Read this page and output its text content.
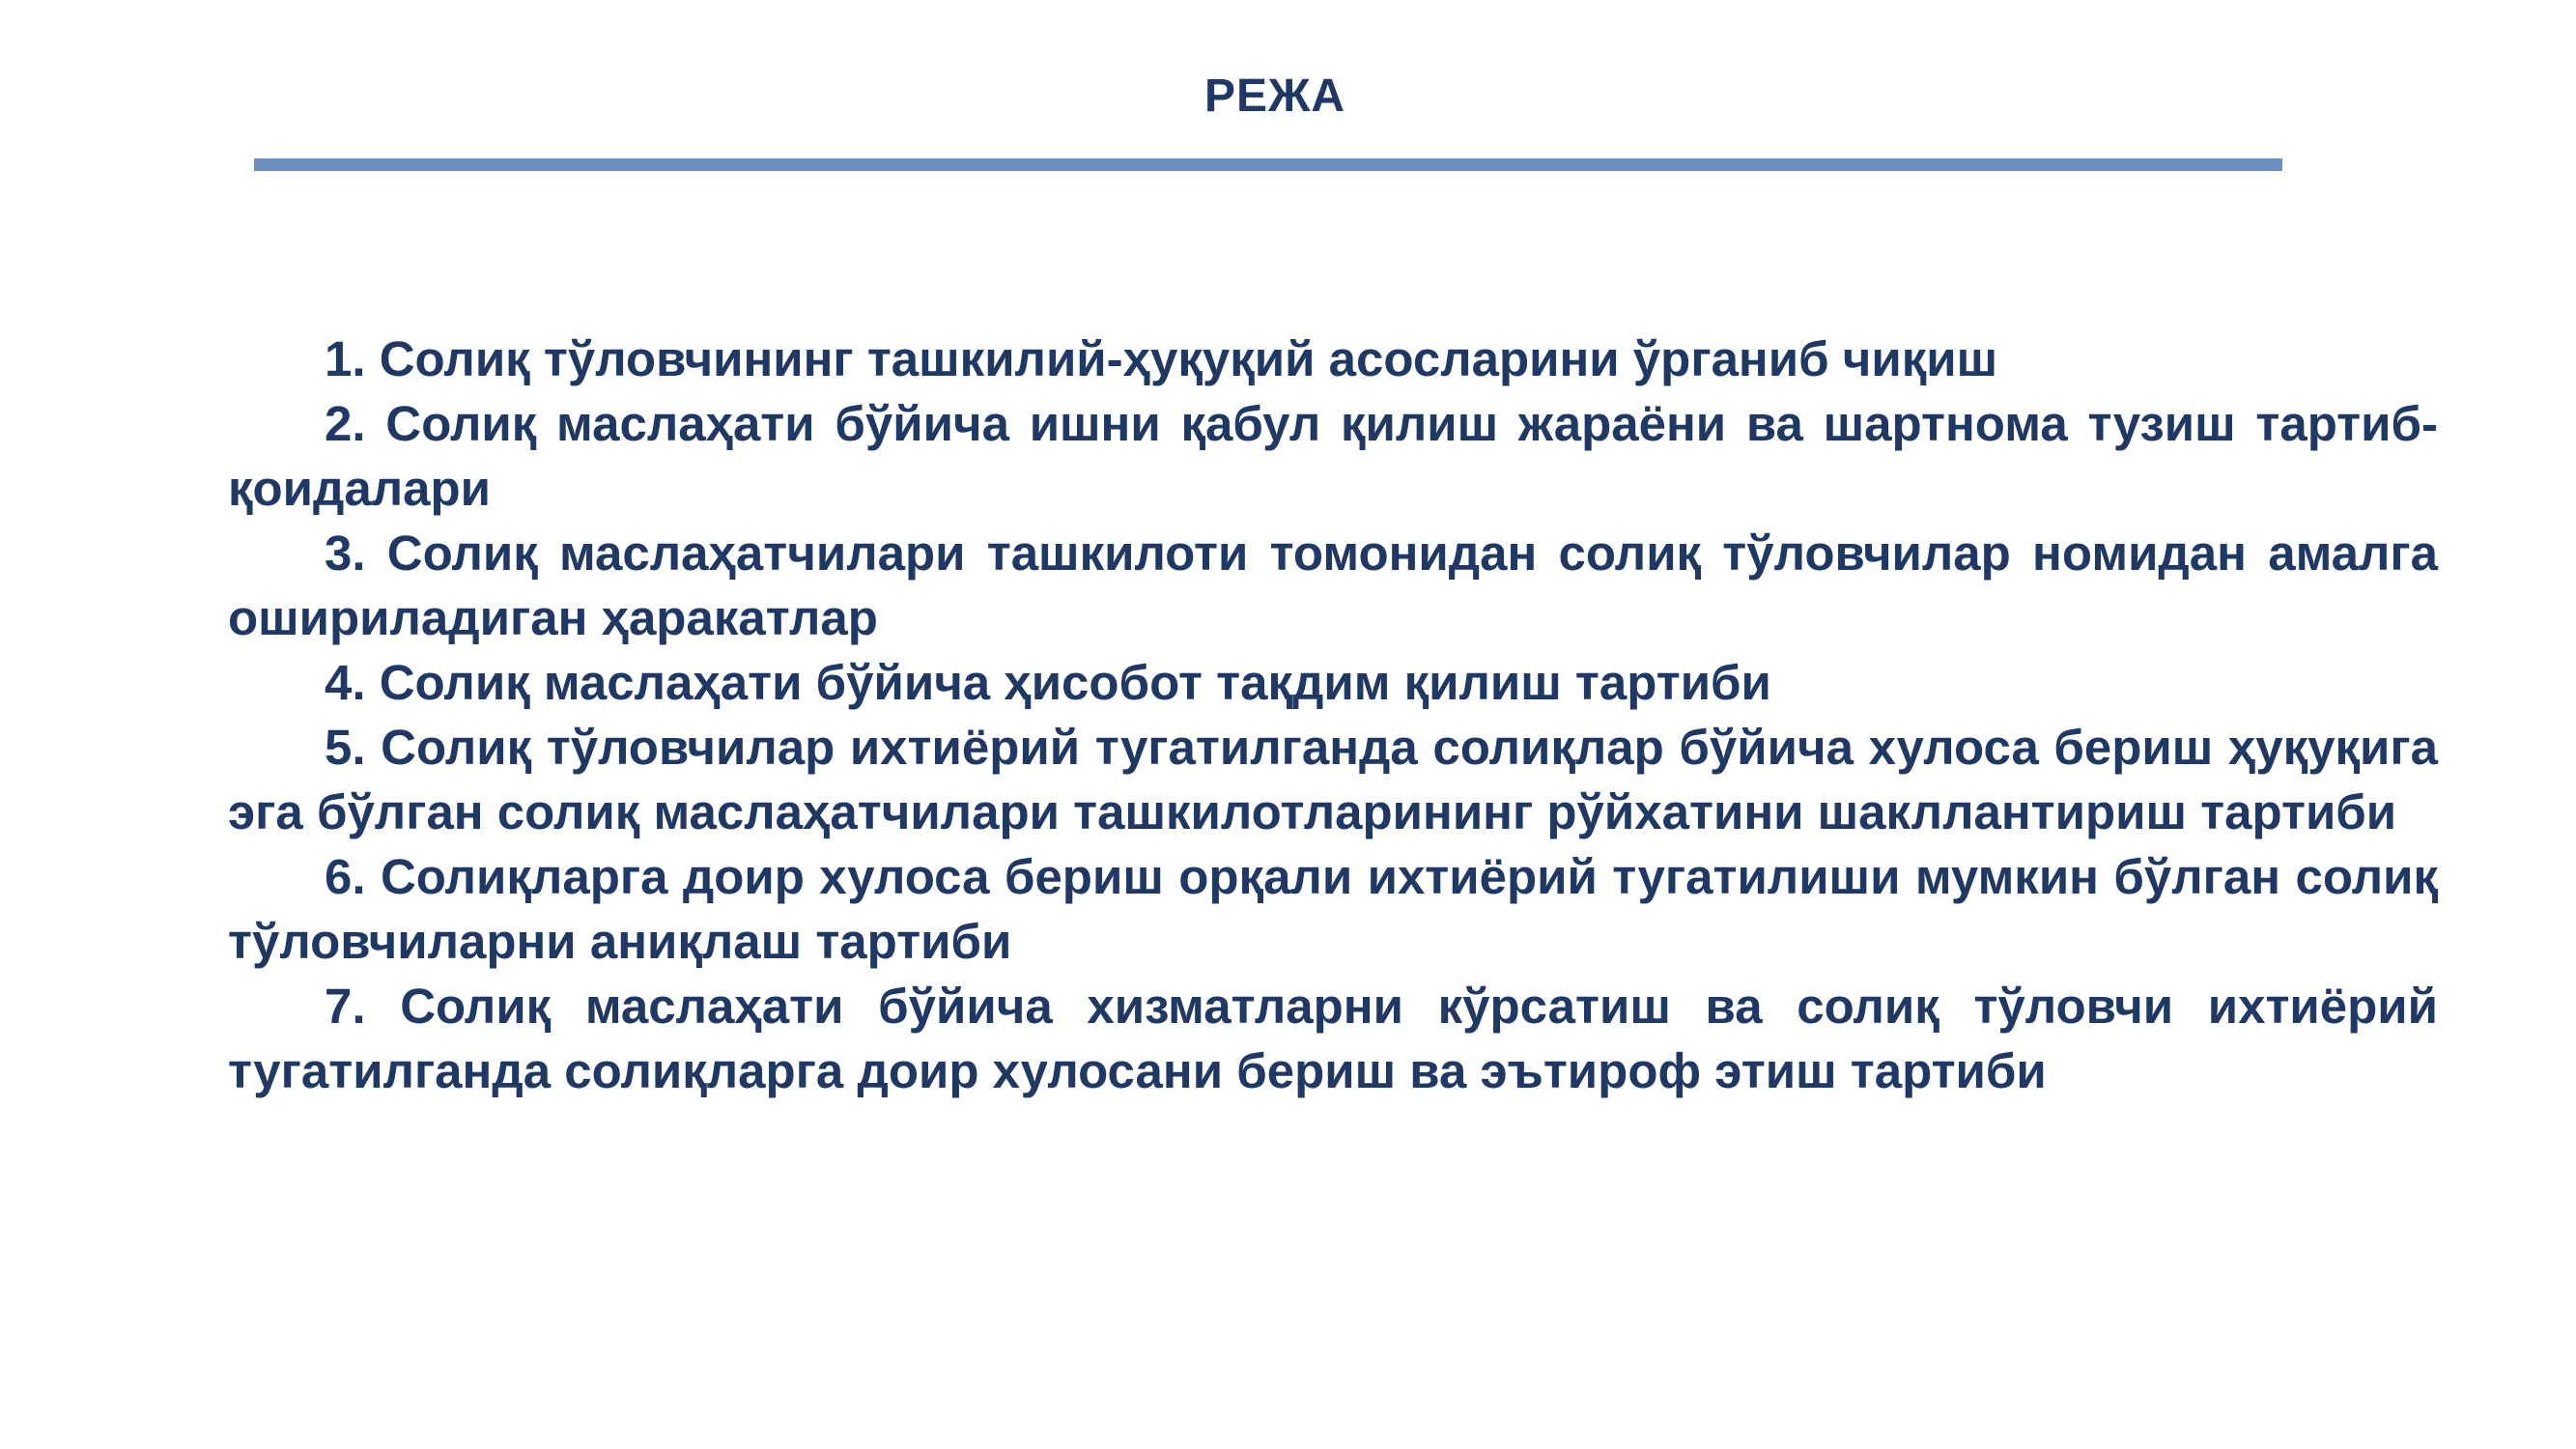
РЕЖА
1. Солиқ тўловчининг ташкилий-ҳуқуқий асосларини ўрганиб чиқиш
2. Солиқ маслаҳати бўйича ишни қабул қилиш жараёни ва шартнома тузиш тартиб-қоидалари
3. Солиқ маслаҳатчилари ташкилоти томонидан солиқ тўловчилар номидан амалга ошириладиган ҳаракатлар
4. Солиқ маслаҳати бўйича ҳисобот тақдим қилиш тартиби
5. Солиқ тўловчилар ихтиёрий тугатилганда солиқлар бўйича хулоса бериш ҳуқуқига эга бўлган солиқ маслаҳатчилари ташкилотларининг рўйхатини шакллантириш тартиби
6. Солиқларга доир хулоса бериш орқали ихтиёрий тугатилиши мумкин бўлган солиқ тўловчиларни аниқлаш тартиби
7. Солиқ маслаҳати бўйича хизматларни кўрсатиш ва солиқ тўловчи ихтиёрий тугатилганда солиқларга доир хулосани бериш ва эътироф этиш тартиби
